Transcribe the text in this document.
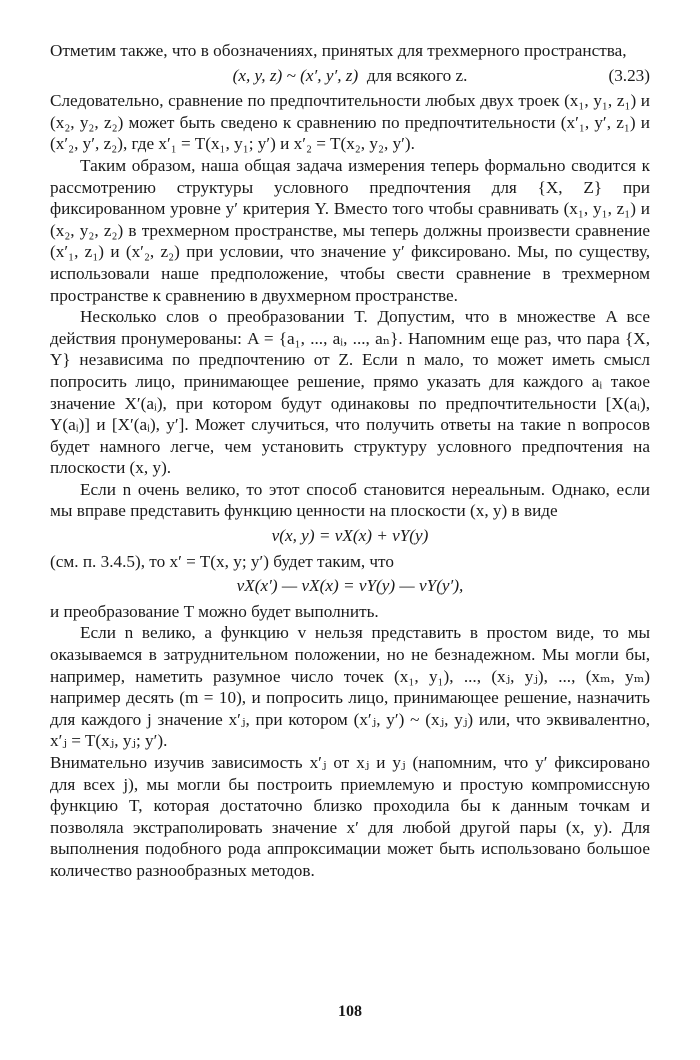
Отметим также, что в обозначениях, принятых для трехмерного пространства,

(x, y, z) ~ (x′, y′, z)
для всякого z.	(3.23)

Следовательно, сравнение по предпочтительности любых двух троек (x₁, y₁, z₁) и (x₂, y₂, z₂) может быть сведено к сравнению по предпочтительности (x′₁, y′, z₁) и (x′₂, y′, z₂), где x′₁ = T(x₁, y₁; y′) и x′₂ = T(x₂, y₂, y′).

Таким образом, наша общая задача измерения теперь формально сводится к рассмотрению структуры условного предпочтения для {X, Z} при фиксированном уровне y′ критерия Y. Вместо того чтобы сравнивать (x₁, y₁, z₁) и (x₂, y₂, z₂) в трехмерном пространстве, мы теперь должны произвести сравнение (x′₁, z₁) и (x′₂, z₂) при условии, что значение y′ фиксировано. Мы, по существу, использовали наше предположение, чтобы свести сравнение в трехмерном пространстве к сравнению в двухмерном пространстве.

Несколько слов о преобразовании T. Допустим, что в множестве A все действия пронумерованы: A = {a₁, ..., aᵢ, ..., aₙ}. Напомним еще раз, что пара {X, Y} независима по предпочтению от Z. Если n мало, то может иметь смысл попросить лицо, принимающее решение, прямо указать для каждого aᵢ такое значение X′(aᵢ), при котором будут одинаковы по предпочтительности [X(aᵢ), Y(aᵢ)] и [X′(aᵢ), y′]. Может случиться, что получить ответы на такие n вопросов будет намного легче, чем установить структуру условного предпочтения на плоскости (x, y).

Если n очень велико, то этот способ становится нереальным. Однако, если мы вправе представить функцию ценности на плоскости (x, y) в виде

v(x, y) = vX(x) + vY(y)

(см. п. 3.4.5), то x′ = T(x, y; y′) будет таким, что

vX(x′) — vX(x) = vY(y) — vY(y′),

и преобразование T можно будет выполнить.

Если n велико, а функцию v нельзя представить в простом виде, то мы оказываемся в затруднительном положении, но не безнадежном. Мы могли бы, например, наметить разумное число точек (x₁, y₁), ..., (xⱼ, yⱼ), ..., (xₘ, yₘ) например десять (m = 10), и попросить лицо, принимающее решение, назначить для каждого j значение x′ⱼ, при котором (x′ⱼ, y′) ~ (xⱼ, yⱼ) или, что эквивалентно, x′ⱼ = T(xⱼ, yⱼ; y′).

Внимательно изучив зависимость x′ⱼ от xⱼ и yⱼ (напомним, что y′ фиксировано для всех j), мы могли бы построить приемлемую и простую компромиссную функцию T, которая достаточно близко проходила бы к данным точкам и позволяла экстраполировать значение x′ для любой другой пары (x, y). Для выполнения подобного рода аппроксимации может быть использовано большое количество разнообразных методов.

108
